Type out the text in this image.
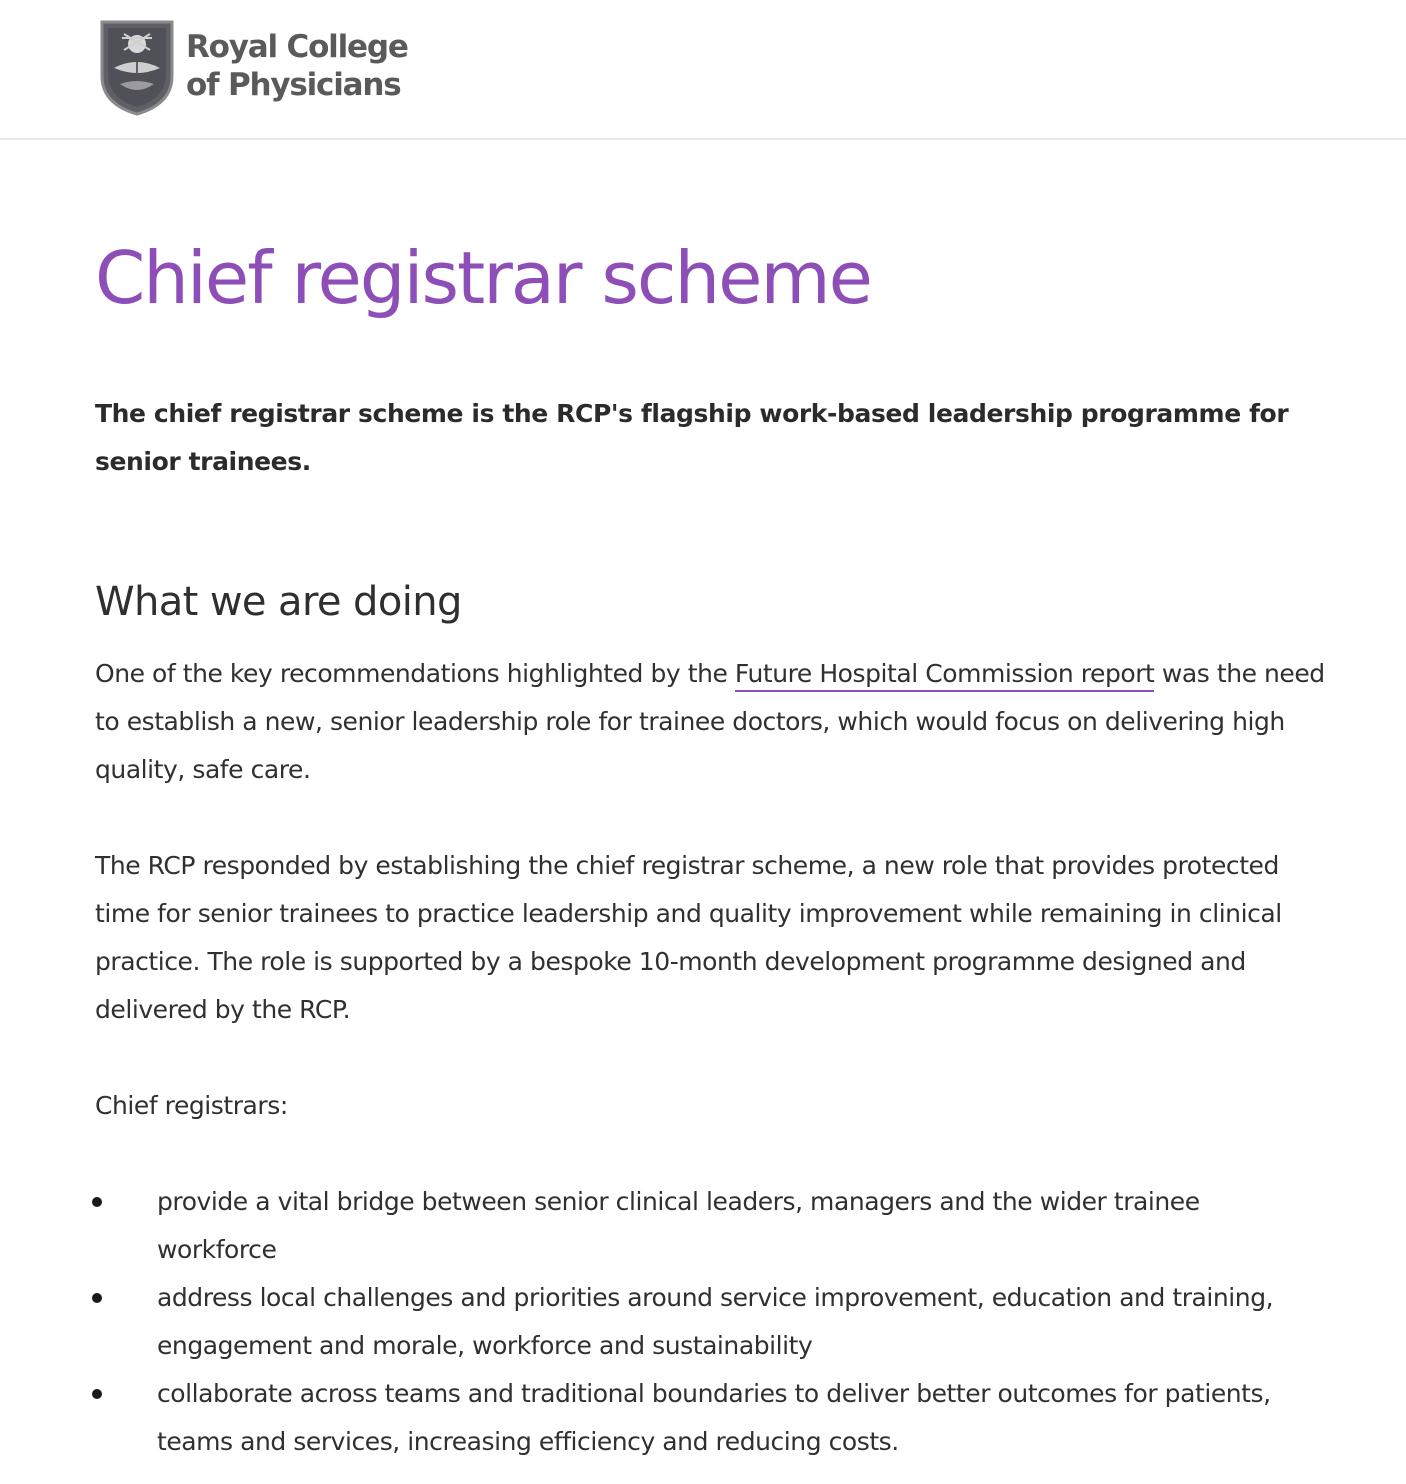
Royal College
of Physicians
Chief registrar scheme
The chief registrar scheme is the RCP's flagship work-based leadership programme for senior trainees.
What we are doing

One of the key recommendations highlighted by the Future Hospital Commission report was the need to establish a new, senior leadership role for trainee doctors, which would focus on delivering high quality, safe care.

The RCP responded by establishing the chief registrar scheme, a new role that provides protected time for senior trainees to practice leadership and quality improvement while remaining in clinical practice. The role is supported by a bespoke 10-month development programme designed and delivered by the RCP.

Chief registrars:

provide a vital bridge between senior clinical leaders, managers and the wider trainee workforce
address local challenges and priorities around service improvement, education and training, engagement and morale, workforce and sustainability
collaborate across teams and traditional boundaries to deliver better outcomes for patients, teams and services, increasing efficiency and reducing costs.
